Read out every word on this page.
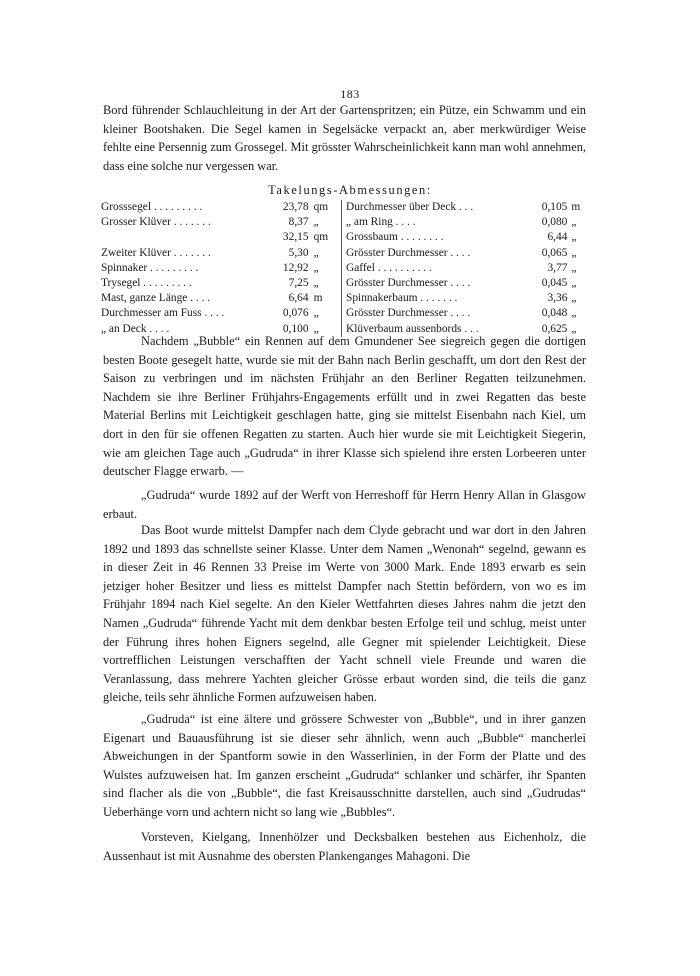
183

Bord führender Schlauchleitung in der Art der Gartenspritzen; ein Pütze, ein Schwamm und ein kleiner Bootshaken. Die Segel kamen in Segelsäcke verpackt an, aber merkwürdiger Weise fehlte eine Persennig zum Grossegel. Mit grösster Wahrscheinlichkeit kann man wohl annehmen, dass eine solche nur vergessen war.

Takelungs-Abmessungen:
Grosssegel . . . . . . . . .	23,78	qm	Durchmesser über Deck . . .	0,105	m
Grosser Klüver . . . . . . .	8,37	„	„ am Ring . . . .	0,080	„
	32,15	qm	Grossbaum . . . . . . . .	6,44	„
Zweiter Klüver . . . . . . .	5,30	„	Grösster Durchmesser . . . .	0,065	„
Spinnaker . . . . . . . . .	12,92	„	Gaffel . . . . . . . . . .	3,77	„
Trysegel . . . . . . . . .	7,25	„	Grösster Durchmesser . . . .	0,045	„
Mast, ganze Länge . . . .	6,64	m	Spinnakerbaum . . . . . . .	3,36	„
Durchmesser am Fuss . . . .	0,076	„	Grösster Durchmesser . . . .	0,048	„
„ an Deck . . . .	0,100	„	Klüverbaum aussenbords . . .	0,625	„

Nachdem „Bubble“ ein Rennen auf dem Gmundener See siegreich gegen die dortigen besten Boote gesegelt hatte, wurde sie mit der Bahn nach Berlin geschafft, um dort den Rest der Saison zu verbringen und im nächsten Frühjahr an den Berliner Regatten teilzunehmen. Nachdem sie ihre Berliner Frühjahrs-Engagements erfüllt und in zwei Regatten das beste Material Berlins mit Leichtigkeit geschlagen hatte, ging sie mittelst Eisenbahn nach Kiel, um dort in den für sie offenen Regatten zu starten. Auch hier wurde sie mit Leichtigkeit Siegerin, wie am gleichen Tage auch „Gudruda“ in ihrer Klasse sich spielend ihre ersten Lorbeeren unter deutscher Flagge erwarb. —

„Gudruda“ wurde 1892 auf der Werft von Herreshoff für Herrn Henry Allan in Glasgow erbaut.

Das Boot wurde mittelst Dampfer nach dem Clyde gebracht und war dort in den Jahren 1892 und 1893 das schnellste seiner Klasse. Unter dem Namen „Wenonah“ segelnd, gewann es in dieser Zeit in 46 Rennen 33 Preise im Werte von 3000 Mark. Ende 1893 erwarb es sein jetziger hoher Besitzer und liess es mittelst Dampfer nach Stettin befördern, von wo es im Frühjahr 1894 nach Kiel segelte. An den Kieler Wettfahrten dieses Jahres nahm die jetzt den Namen „Gudruda“ führende Yacht mit dem denkbar besten Erfolge teil und schlug, meist unter der Führung ihres hohen Eigners segelnd, alle Gegner mit spielender Leichtigkeit. Diese vortrefflichen Leistungen verschafften der Yacht schnell viele Freunde und waren die Veranlassung, dass mehrere Yachten gleicher Grösse erbaut worden sind, die teils die ganz gleiche, teils sehr ähnliche Formen aufzuweisen haben.

„Gudruda“ ist eine ältere und grössere Schwester von „Bubble“, und in ihrer ganzen Eigenart und Bauausführung ist sie dieser sehr ähnlich, wenn auch „Bubble“ mancherlei Abweichungen in der Spantform sowie in den Wasserlinien, in der Form der Platte und des Wulstes aufzuweisen hat. Im ganzen erscheint „Gudruda“ schlanker und schärfer, ihr Spanten sind flacher als die von „Bubble“, die fast Kreisausschnitte darstellen, auch sind „Gudrudas“ Ueberhänge vorn und achtern nicht so lang wie „Bubbles“.

Vorsteven, Kielgang, Innenhölzer und Decksbalken bestehen aus Eichenholz, die Aussenhaut ist mit Ausnahme des obersten Plankenganges Mahagoni. Die
